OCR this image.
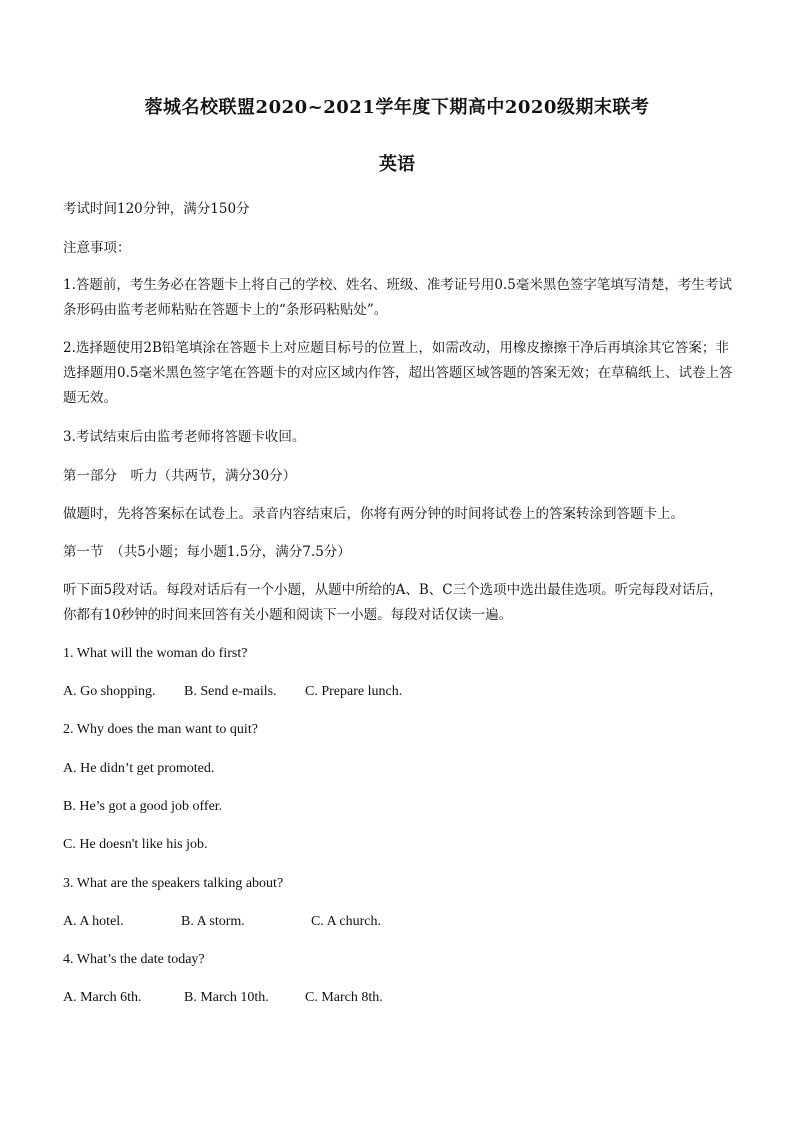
蓉城名校联盟2020~2021学年度下期高中2020级期末联考
英语
考试时间120分钟，满分150分
注意事项：
1.答题前，考生务必在答题卡上将自己的学校、姓名、班级、准考证号用0.5毫米黑色签字笔填写清楚，考生考试条形码由监考老师粘贴在答题卡上的“条形码粘贴处”。
2.选择题使用2B铅笔填涂在答题卡上对应题目标号的位置上，如需改动，用橡皮擦擦干净后再填涂其它答案；非选择题用0.5毫米黑色签字笔在答题卡的对应区域内作答，超出答题区域答题的答案无效；在草稿纸上、试卷上答题无效。
3.考试结束后由监考老师将答题卡收回。
第一部分　听力（共两节，满分30分）
做题时，先将答案标在试卷上。录音内容结束后，你将有两分钟的时间将试卷上的答案转涂到答题卡上。
第一节　（共5小题；每小题1.5分，满分7.5分）
听下面5段对话。每段对话后有一个小题，从题中所给的A、B、C三个选项中选出最佳选项。听完每段对话后，你都有10秒钟的时间来回答有关小题和阅读下一小题。每段对话仅读一遍。
1. What will the woman do first?
A. Go shopping. B. Send e-mails. C. Prepare lunch.
2. Why does the man want to quit?
A. He didn’t get promoted.
B. He’s got a good job offer.
C. He doesn't like his job.
3. What are the speakers talking about?
A. A hotel.	B. A storm.	C. A church.
4. What’s the date today?
A. March 6th.	B. March 10th.	C. March 8th.
